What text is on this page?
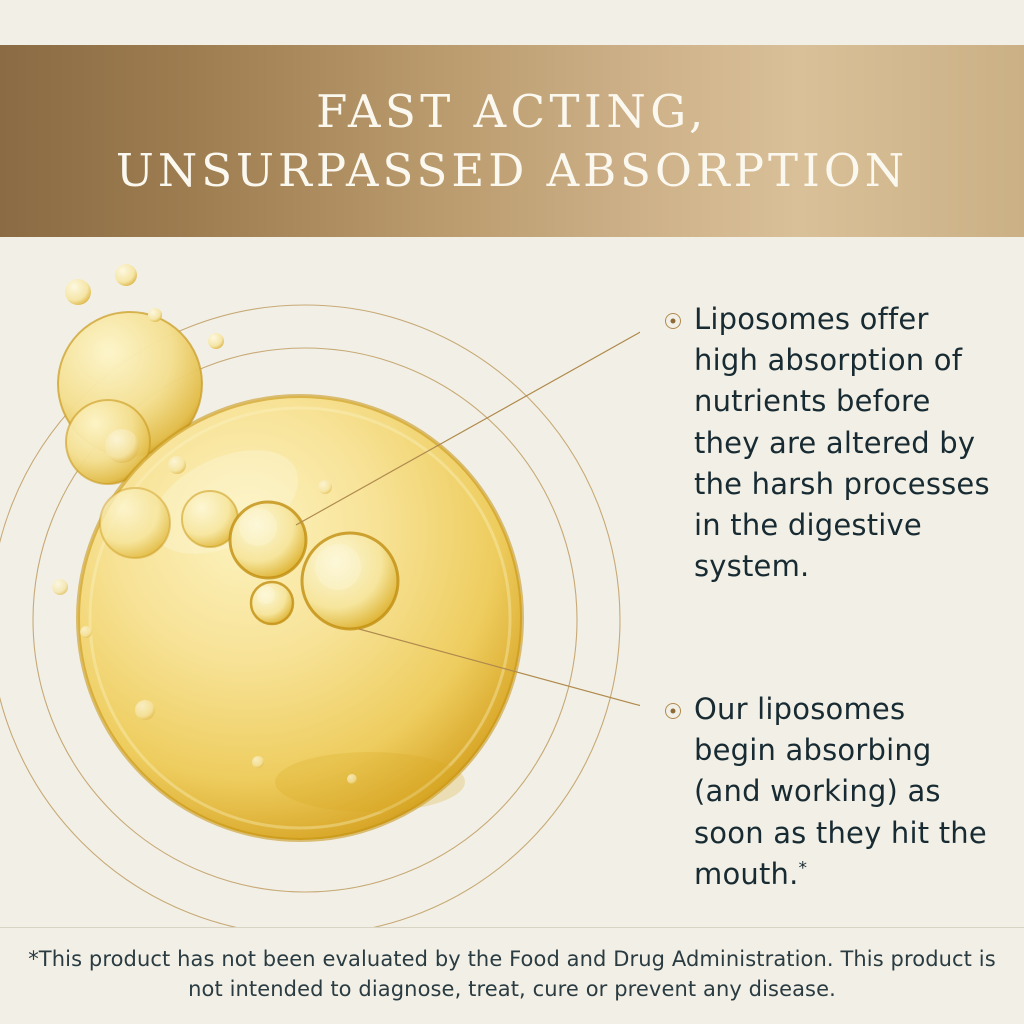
FAST ACTING,
UNSURPASSED ABSORPTION
Liposomes offer high absorption of nutrients before they are altered by the harsh processes in the digestive system.
Our liposomes begin absorbing (and working) as soon as they hit the mouth.*
*This product has not been evaluated by the Food and Drug Administration. This product is not intended to diagnose, treat, cure or prevent any disease.
